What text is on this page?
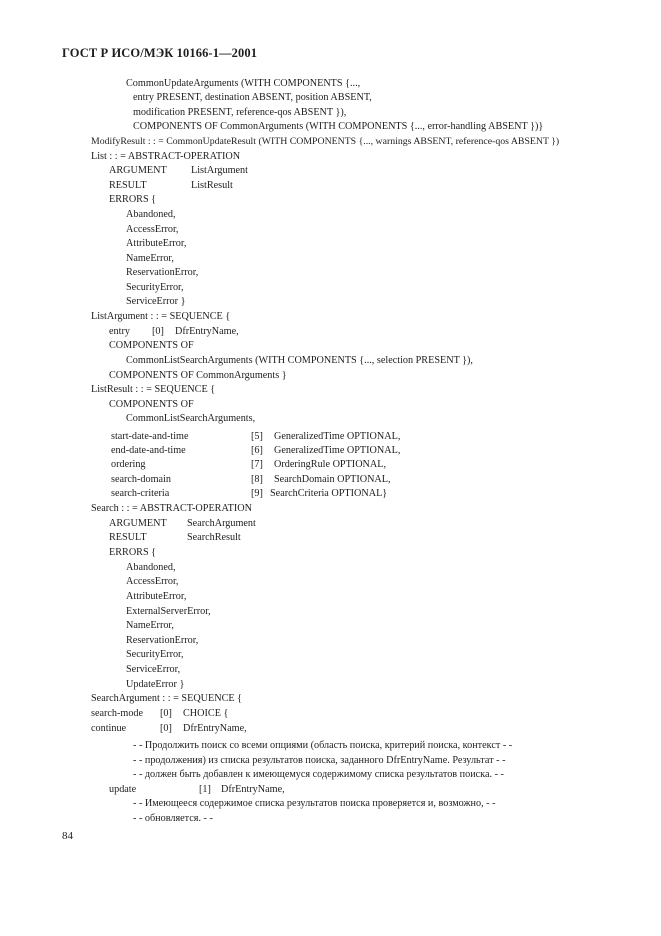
ГОСТ Р ИСО/МЭК 10166-1—2001
CommonUpdateArguments (WITH COMPONENTS {...,
entry PRESENT, destination ABSENT, position ABSENT,
modification PRESENT, reference-qos ABSENT }),
COMPONENTS OF CommonArguments (WITH COMPONENTS {..., error-handling ABSENT })}
ModifyResult : : = CommonUpdateResult (WITH COMPONENTS {..., warnings ABSENT, reference-qos ABSENT })
List : : = ABSTRACT-OPERATION
ARGUMENT ListArgument
RESULT	ListResult
ERRORS {
Abandoned,
AccessError,
AttributeError,
NameError,
ReservationError,
SecurityError,
ServiceError }
ListArgument : : = SEQUENCE {
entry [0] DfrEntryName,
COMPONENTS OF
CommonListSearchArguments (WITH COMPONENTS {..., selection PRESENT }),
COMPONENTS OF CommonArguments }
ListResult : : = SEQUENCE {
COMPONENTS OF
CommonListSearchArguments,
start-date-and-time	[5] GeneralizedTime OPTIONAL,
end-date-and-time	[6] GeneralizedTime OPTIONAL,
ordering	[7] OrderingRule OPTIONAL,
search-domain	[8] SearchDomain OPTIONAL,
search-criteria	[9] SearchCriteria OPTIONAL}
Search : : = ABSTRACT-OPERATION
ARGUMENT SearchArgument
RESULT	SearchResult
ERRORS {
Abandoned,
AccessError,
AttributeError,
ExternalServerError,
NameError,
ReservationError,
SecurityError,
ServiceError,
UpdateError }
SearchArgument : : = SEQUENCE {
search-mode [0] CHOICE {
continue	[0] DfrEntryName,
- - Продолжить поиск со всеми опциями (область поиска, критерий поиска, контекст - -
- - продолжения) из списка результатов поиска, заданного DfrEntryName. Результат - -
- - должен быть добавлен к имеющемуся содержимому списка результатов поиска. - -
update	[1] DfrEntryName,
- - Имеющееся содержимое списка результатов поиска проверяется и, возможно, - -
- - обновляется. - -
84
